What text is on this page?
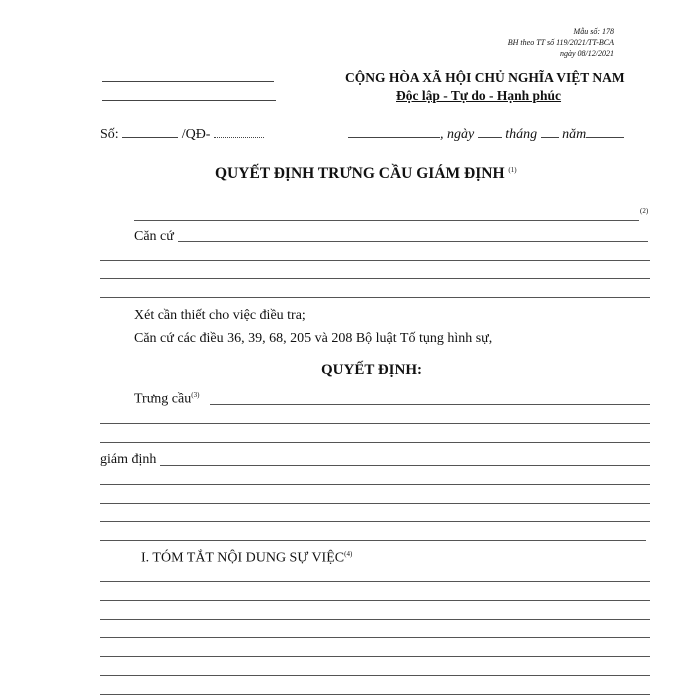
Mẫu số: 178
BH theo TT số 119/2021/TT-BCA
ngày 08/12/2021
CỘNG HÒA XÃ HỘI CHỦ NGHĨA VIỆT NAM
Độc lập - Tự do - Hạnh phúc
Số:	/QĐ-	, ngày tháng năm
QUYẾT ĐỊNH TRƯNG CẦU GIÁM ĐỊNH $^{(1)}$
(2)
Căn cứ
Xét cần thiết cho việc điều tra;
Căn cứ các điều 36, 39, 68, 205 và 208 Bộ luật Tố tụng hình sự,
QUYẾT ĐỊNH:
Trưng cầu$^{(3)}$
giám định
I. TÓM TẮT NỘI DUNG SỰ VIỆC$^{(4)}$
